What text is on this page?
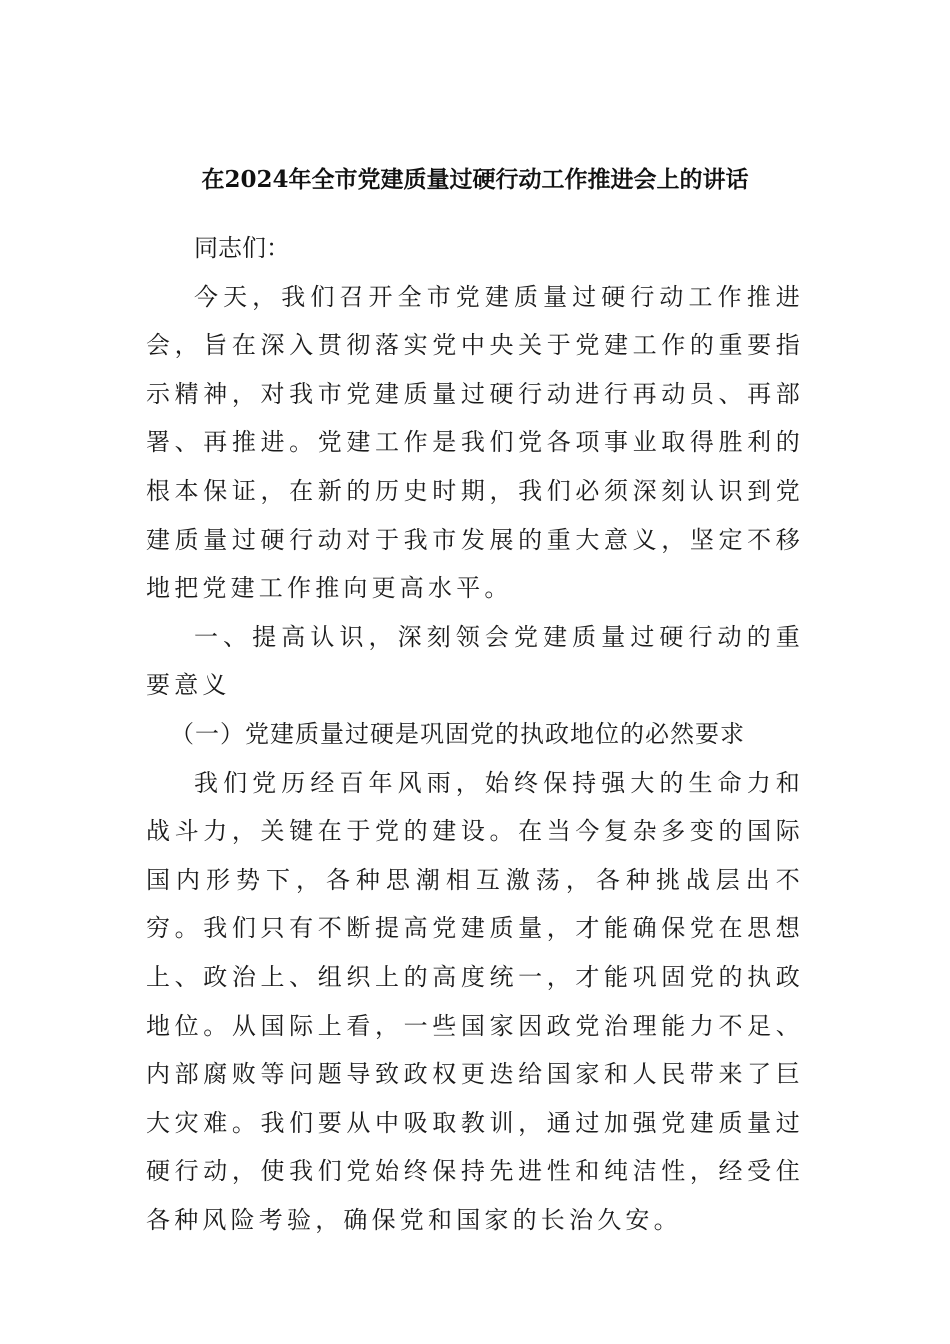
在2024年全市党建质量过硬行动工作推进会上的讲话

同志们：

今天，我们召开全市党建质量过硬行动工作推进会，旨在深入贯彻落实党中央关于党建工作的重要指示精神，对我市党建质量过硬行动进行再动员、再部署、再推进。党建工作是我们党各项事业取得胜利的根本保证，在新的历史时期，我们必须深刻认识到党建质量过硬行动对于我市发展的重大意义，坚定不移地把党建工作推向更高水平。

一、提高认识，深刻领会党建质量过硬行动的重要意义

（一）党建质量过硬是巩固党的执政地位的必然要求

我们党历经百年风雨，始终保持强大的生命力和战斗力，关键在于党的建设。在当今复杂多变的国际国内形势下，各种思潮相互激荡，各种挑战层出不穷。我们只有不断提高党建质量，才能确保党在思想上、政治上、组织上的高度统一，才能巩固党的执政地位。从国际上看，一些国家因政党治理能力不足、内部腐败等问题导致政权更迭给国家和人民带来了巨大灾难。我们要从中吸取教训，通过加强党建质量过硬行动，使我们党始终保持先进性和纯洁性，经受住各种风险考验，确保党和国家的长治久安。
